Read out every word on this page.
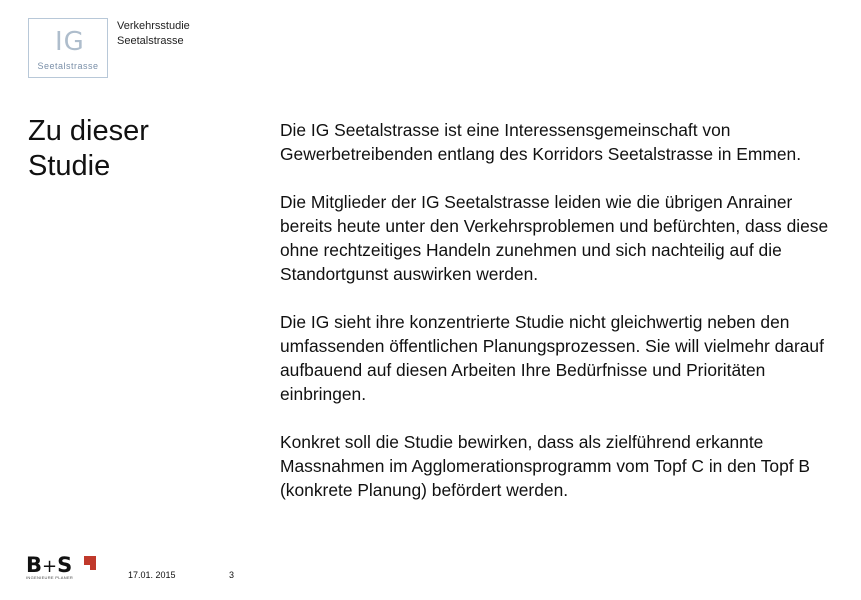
IG
Seetalstrasse
Verkehrsstudie
Seetalstrasse
Zu dieser
Studie

Die IG Seetalstrasse ist eine Interessensgemeinschaft von Gewerbetreibenden entlang des Korridors Seetalstrasse in Emmen.

Die Mitglieder der IG Seetalstrasse leiden wie die übrigen Anrainer bereits heute unter den Verkehrsproblemen und befürchten, dass diese ohne rechtzeitiges Handeln zunehmen und sich nachteilig auf die Standortgunst auswirken werden.

Die IG sieht ihre konzentrierte Studie nicht gleichwertig neben den umfassenden öffentlichen Planungsprozessen. Sie will vielmehr darauf aufbauend auf diesen Arbeiten Ihre Bedürfnisse und Prioritäten einbringen.

Konkret soll die Studie bewirken, dass als zielführend erkannte Massnahmen im Agglomerationsprogramm vom Topf C in den Topf B (konkrete Planung) befördert werden.

B+S
INGENIEURE PLANER	17.01. 2015	3
